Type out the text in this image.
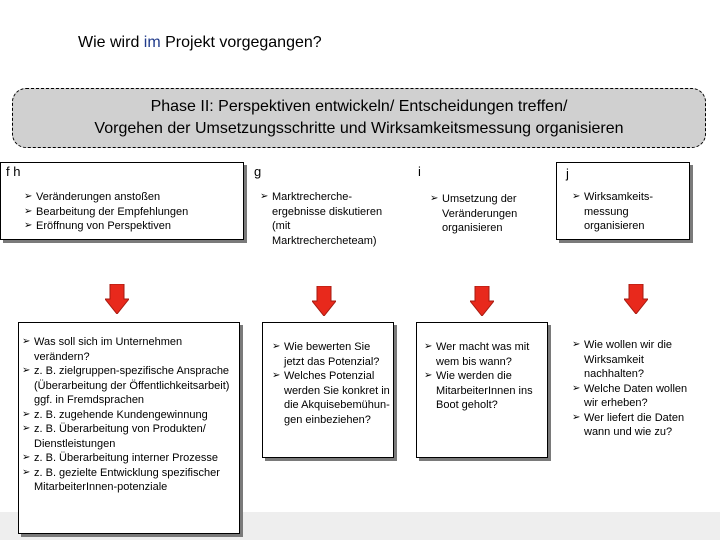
Wie wird im Projekt vorgegangen?
Phase II: Perspektiven entwickeln/ Entscheidungen treffen/
Vorgehen der Umsetzungsschritte und Wirksamkeitsmessung organisieren
f h
➢ Veränderungen anstoßen
➢ Bearbeitung der Empfehlungen
➢ Eröffnung von Perspektiven
➢ Was soll sich im Unternehmen verändern?
➢ z. B. zielgruppen-spezifische Ansprache (Überarbeitung der Öffentlichkeitsarbeit) ggf. in Fremdsprachen
➢ z. B. zugehende Kundengewinnung
➢ z. B. Überarbeitung von Produkten/ Dienstleistungen
➢ z. B. Überarbeitung interner Prozesse
➢ z. B. gezielte Entwicklung spezifischer MitarbeiterInnen-potenziale
g
➢ Marktrecherche-ergebnisse diskutieren (mit Marktrechercheteam)
➢ Wie bewerten Sie jetzt das Potenzial?
➢ Welches Potenzial werden Sie konkret in die Akquisebemühun-gen einbeziehen?
i
➢ Umsetzung der Veränderungen organisieren
➢ Wer macht was mit wem bis wann?
➢ Wie werden die MitarbeiterInnen ins Boot geholt?
j
➢ Wirksamkeits-messung organisieren
➢ Wie wollen wir die Wirksamkeit nachhalten?
➢ Welche Daten wollen wir erheben?
➢ Wer liefert die Daten wann und wie zu?
